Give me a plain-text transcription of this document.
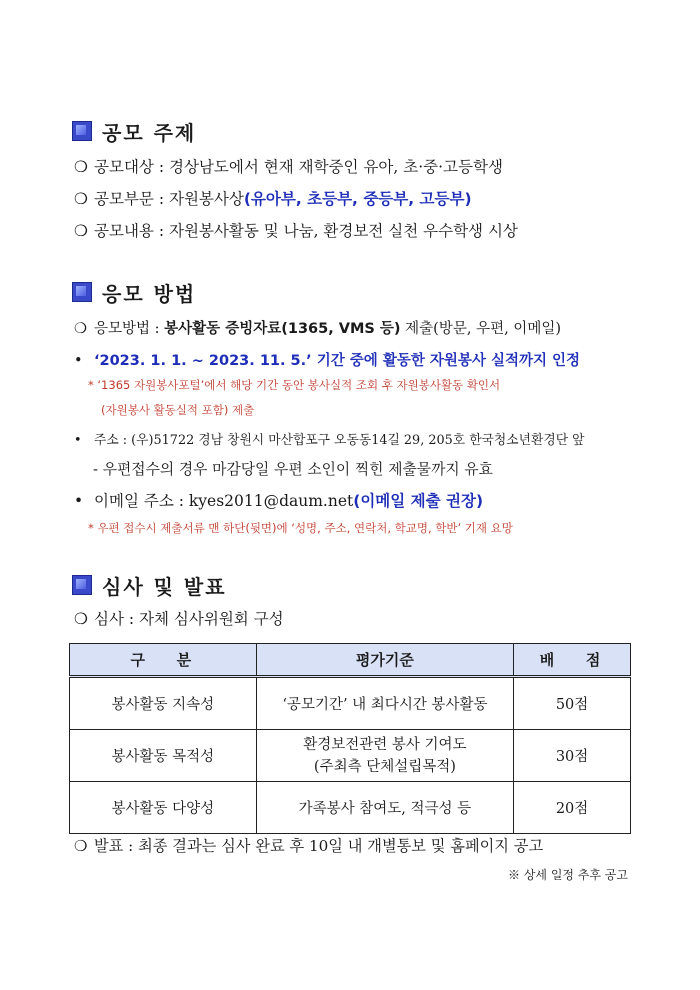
공모 주제
❍ 공모대상 : 경상남도에서 현재 재학중인 유아, 초·중·고등학생
❍ 공모부문 : 자원봉사상(유아부, 초등부, 중등부, 고등부)
❍ 공모내용 : 자원봉사활동 및 나눔, 환경보전 실천 우수학생 시상
응모 방법
❍ 응모방법 : 봉사활동 증빙자료(1365, VMS 등) 제출(방문, 우편, 이메일)
• ‘2023. 1. 1. ~ 2023. 11. 5.’ 기간 중에 활동한 자원봉사 실적까지 인정
* ‘1365 자원봉사포털’에서 해당 기간 동안 봉사실적 조회 후 자원봉사활동 확인서
(자원봉사 활동실적 포함) 제출
• 주소 : (우)51722 경남 창원시 마산합포구 오동동14길 29, 205호 한국청소년환경단 앞
- 우편접수의 경우 마감당일 우편 소인이 찍힌 제출물까지 유효
• 이메일 주소 : kyes2011@daum.net(이메일 제출 권장)
* 우편 접수시 제출서류 맨 하단(뒷면)에 ‘성명, 주소, 연락처, 학교명, 학반’ 기재 요망
심사 및 발표
❍ 심사 : 자체 심사위원회 구성
구   분	평가기준	배   점
봉사활동 지속성	‘공모기간’ 내 최다시간 봉사활동	50점
봉사활동 목적성	환경보전관련 봉사 기여도
(주최측 단체설립목적)	30점
봉사활동 다양성	가족봉사 참여도, 적극성 등	20점
❍ 발표 : 최종 결과는 심사 완료 후 10일 내 개별통보 및 홈페이지 공고
※ 상세 일정 추후 공고
